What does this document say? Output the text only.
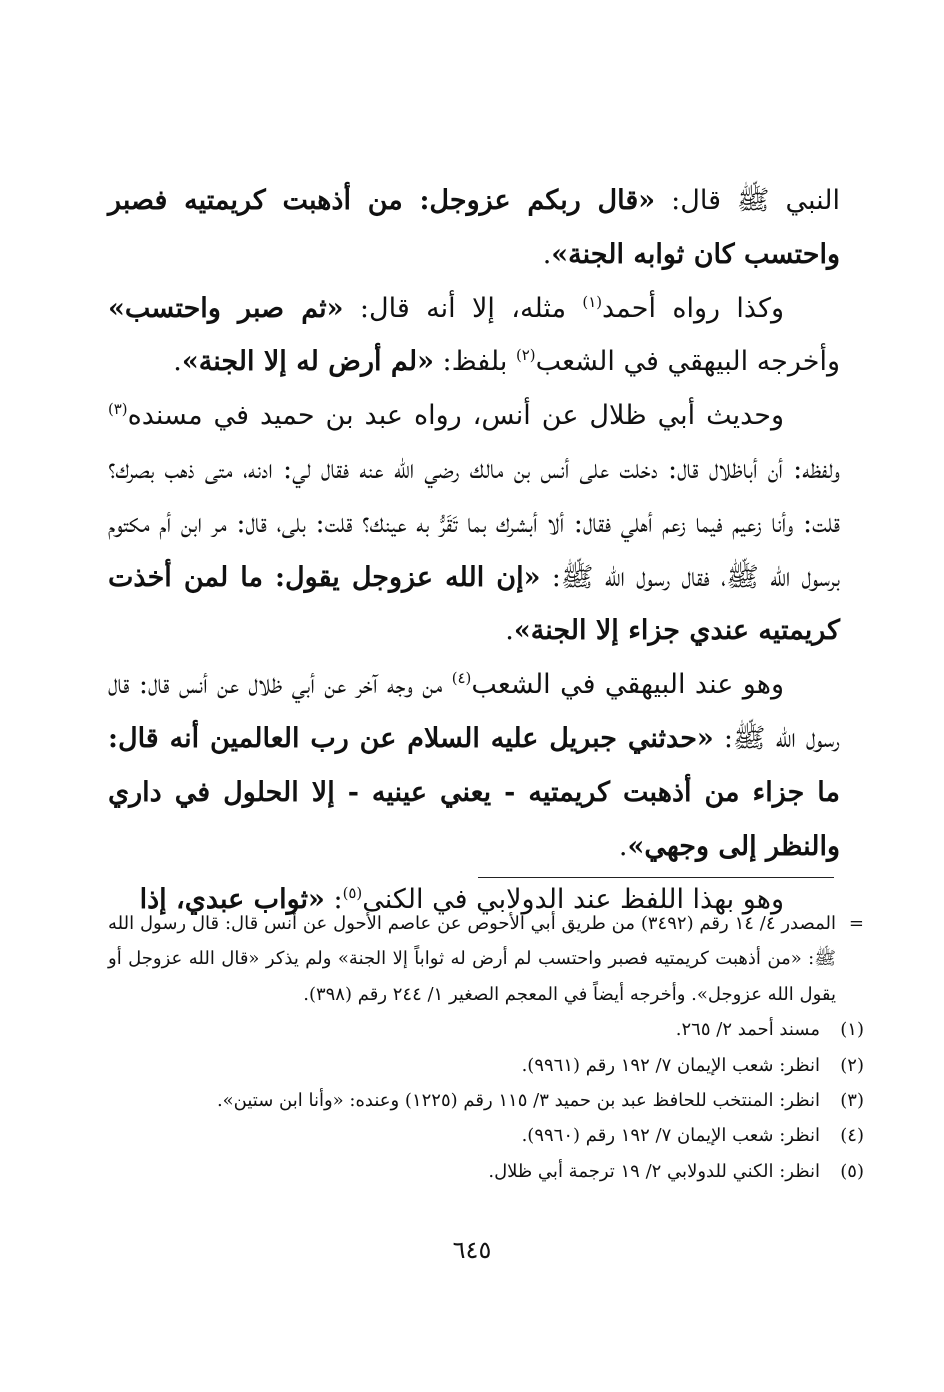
النبي ﷺ قال: «قال ربكم عزوجل: من أذهبت كريمتيه فصبر واحتسب كان ثوابه الجنة».

وكذا رواه أحمد$^{(١)}$ مثله، إلا أنه قال: «ثم صبر واحتسب» وأخرجه البيهقي في الشعب$^{(٢)}$ بلفظ: «لم أرض له إلا الجنة».

وحديث أبي ظلال عن أنس، رواه عبد بن حميد في مسنده$^{(٣)}$ ولفظه: أن أباظلال قال: دخلت على أنس بن مالك رضي الله عنه فقال لي: ادنه، متى ذهب بصرك؟ قلت: وأنا زعيم فيما زعم أهلي فقال: ألا أبشرك بما تَقَرُّ به عينك؟ قلت: بلى، قال: مر ابن أم مكتوم برسول الله ﷺ، فقال رسول الله ﷺ: «إن الله عزوجل يقول: ما لمن أخذت كريمتيه عندي جزاء إلا الجنة».

وهو عند البيهقي في الشعب$^{(٤)}$ من وجه آخر عن أبي ظلال عن أنس قال: قال رسول الله ﷺ: «حدثني جبريل عليه السلام عن رب العالمين أنه قال: ما جزاء من أذهبت كريمتيه - يعني عينيه - إلا الحلول في داري والنظر إلى وجهي».

وهو بهذا اللفظ عند الدولابي في الكنى$^{(٥)}$: «ثواب عبدي، إذا

=
المصدر ٤/ ١٤ رقم (٣٤٩٢) من طريق أبي الأحوص عن عاصم الأحول عن أنس قال: قال رسول الله ﷺ: «من أذهبت كريمتيه فصبر واحتسب لم أرض له ثواباً إلا الجنة» ولم يذكر «قال الله عزوجل أو يقول الله عزوجل». وأخرجه أيضاً في المعجم الصغير ١/ ٢٤٤ رقم (٣٩٨).
(١)
مسند أحمد ٢/ ٢٦٥.
(٢)
انظر: شعب الإيمان ٧/ ١٩٢ رقم (٩٩٦١).
(٣)
انظر: المنتخب للحافظ عبد بن حميد ٣/ ١١٥ رقم (١٢٢٥) وعنده: «وأنا ابن ستين».
(٤)
انظر: شعب الإيمان ٧/ ١٩٢ رقم (٩٩٦٠).
(٥)
انظر: الكني للدولابي ٢/ ١٩ ترجمة أبي ظلال.
٦٤٥
